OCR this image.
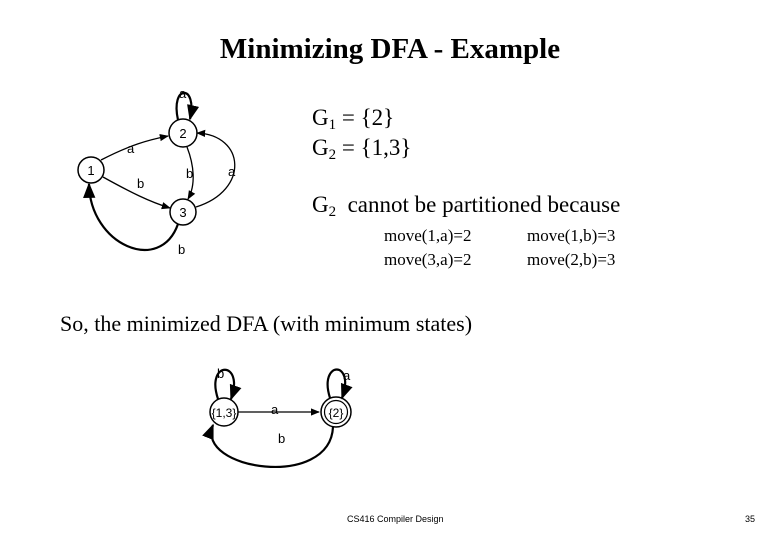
Minimizing DFA - Example
$G_1 = \{2\}$
$G_2 = \{1,3\}$
$G_2$ cannot be partitioned because
move(1,a)=2	move(1,b)=3
move(3,a)=2	move(2,b)=3
So, the minimized DFA (with minimum states)
1
2
3
a
a
b
b	a
b
{1,3}	{2}
b	a
a
b
CS416 Compiler Design	35
